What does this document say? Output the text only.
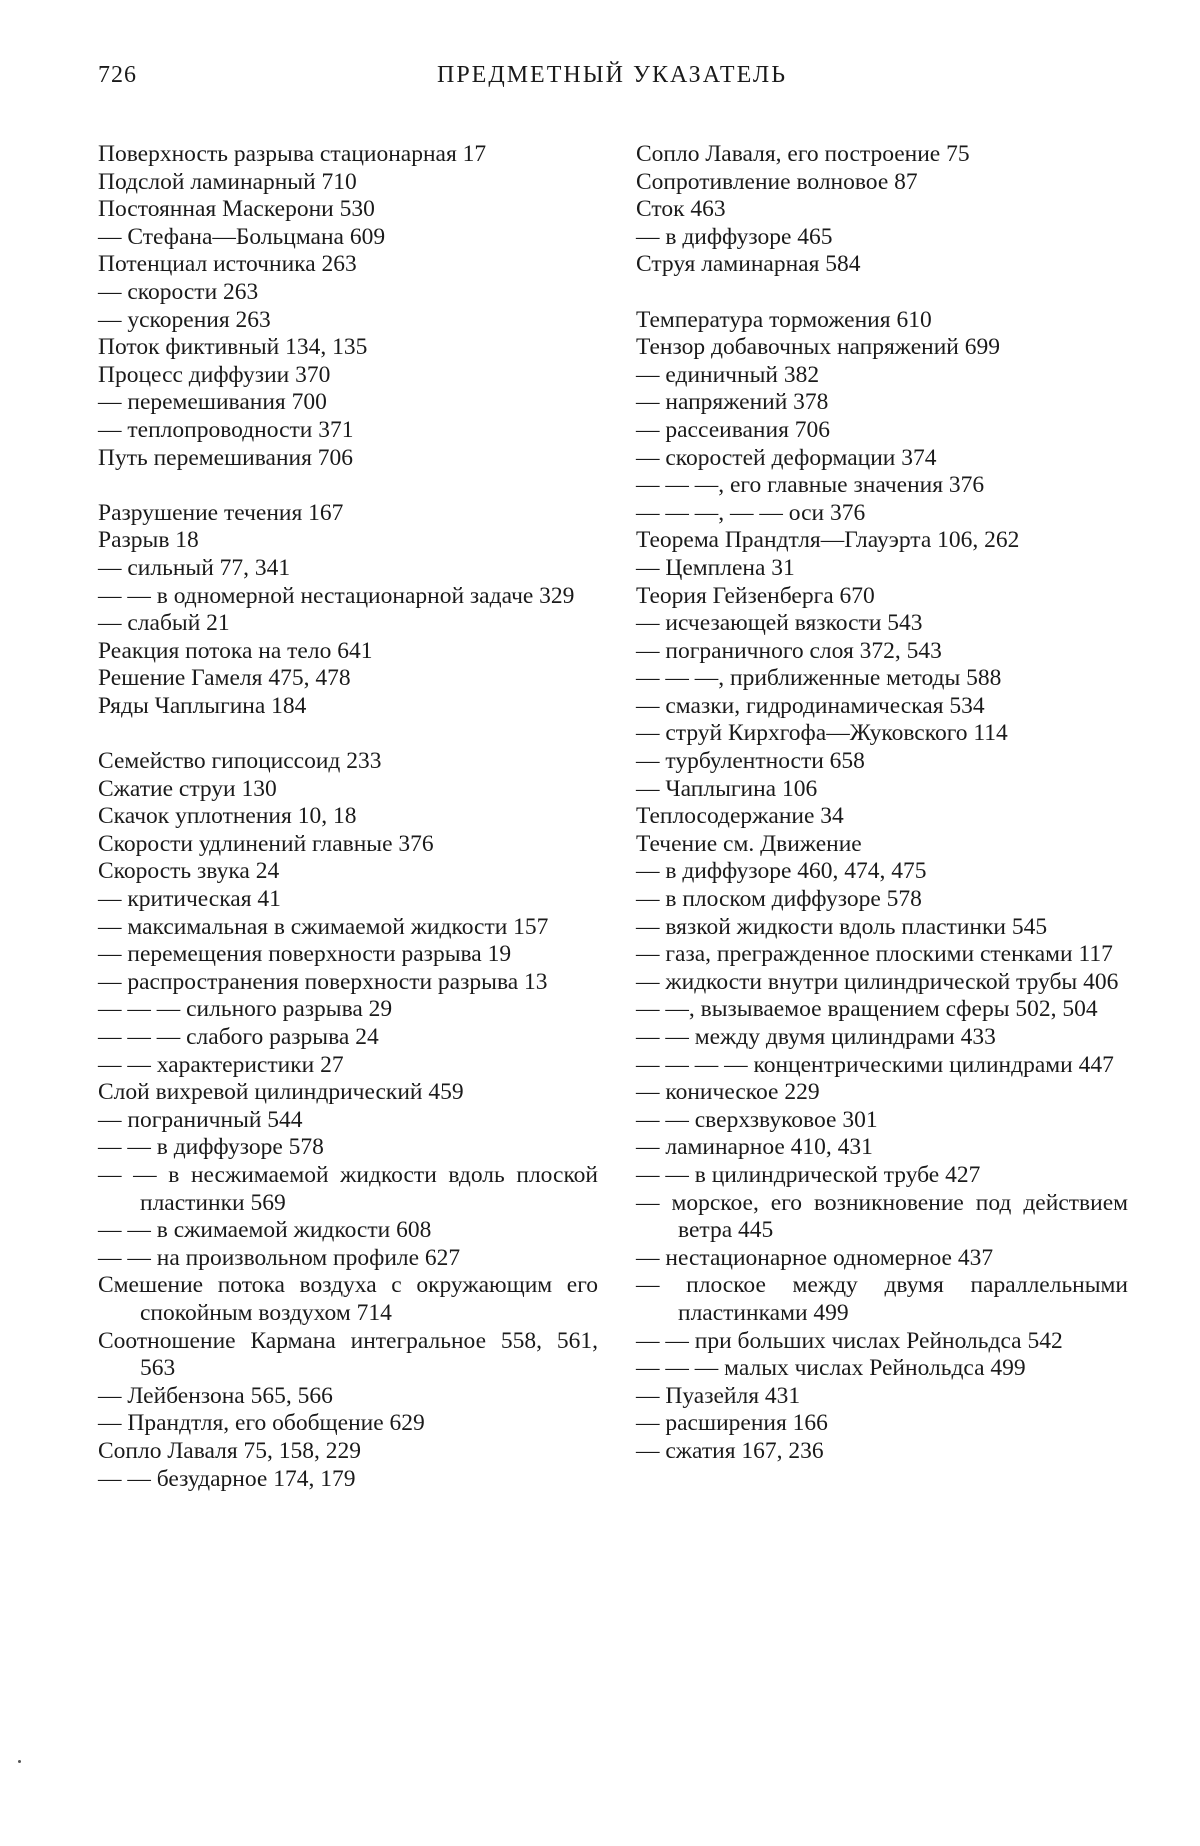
726	ПРЕДМЕТНЫЙ УКАЗАТЕЛЬ

Поверхность разрыва стационарная 17

Подслой ламинарный 710

Постоянная Маскерони 530

— Стефана—Больцмана 609

Потенциал источника 263

— скорости 263

— ускорения 263

Поток фиктивный 134, 135

Процесс диффузии 370

— перемешивания 700

— теплопроводности 371

Путь перемешивания 706

Разрушение течения 167

Разрыв 18

— сильный 77, 341

— — в одномерной нестационарной задаче 329

— слабый 21

Реакция потока на тело 641

Решение Гамеля 475, 478

Ряды Чаплыгина 184

Семейство гипоциссоид 233

Сжатие струи 130

Скачок уплотнения 10, 18

Скорости удлинений главные 376

Скорость звука 24

— критическая 41

— максимальная в сжимаемой жидкости 157

— перемещения поверхности разрыва 19

— распространения поверхности разрыва 13

— — — сильного разрыва 29

— — — слабого разрыва 24

— — характеристики 27

Слой вихревой цилиндрический 459

— пограничный 544

— — в диффузоре 578

— — в несжимаемой жидкости вдоль плоской пластинки 569

— — в сжимаемой жидкости 608

— — на произвольном профиле 627

Смешение потока воздуха с окружающим его спокойным воздухом 714

Соотношение Кармана интегральное 558, 561, 563

— Лейбензона 565, 566

— Прандтля, его обобщение 629

Сопло Лаваля 75, 158, 229

— — безударное 174, 179

Сопло Лаваля, его построение 75

Сопротивление волновое 87

Сток 463

— в диффузоре 465

Струя ламинарная 584

Температура торможения 610

Тензор добавочных напряжений 699

— единичный 382

— напряжений 378

— рассеивания 706

— скоростей деформации 374

— — —, его главные значения 376

— — —, — — оси 376

Теорема Прандтля—Глауэрта 106, 262

— Цемплена 31

Теория Гейзенберга 670

— исчезающей вязкости 543

— пограничного слоя 372, 543

— — —, приближенные методы 588

— смазки, гидродинамическая 534

— струй Кирхгофа—Жуковского 114

— турбулентности 658

— Чаплыгина 106

Теплосодержание 34

Течение см. Движение

— в диффузоре 460, 474, 475

— в плоском диффузоре 578

— вязкой жидкости вдоль пластинки 545

— газа, прегражденное плоскими стенками 117

— жидкости внутри цилиндрической трубы 406

— —, вызываемое вращением сферы 502, 504

— — между двумя цилиндрами 433

— — — — концентрическими цилиндрами 447

— коническое 229

— — сверхзвуковое 301

— ламинарное 410, 431

— — в цилиндрической трубе 427

— морское, его возникновение под действием ветра 445

— нестационарное одномерное 437

— плоское между двумя параллельными пластинками 499

— — при больших числах Рейнольдса 542

— — — малых числах Рейнольдса 499

— Пуазейля 431

— расширения 166

— сжатия 167, 236
